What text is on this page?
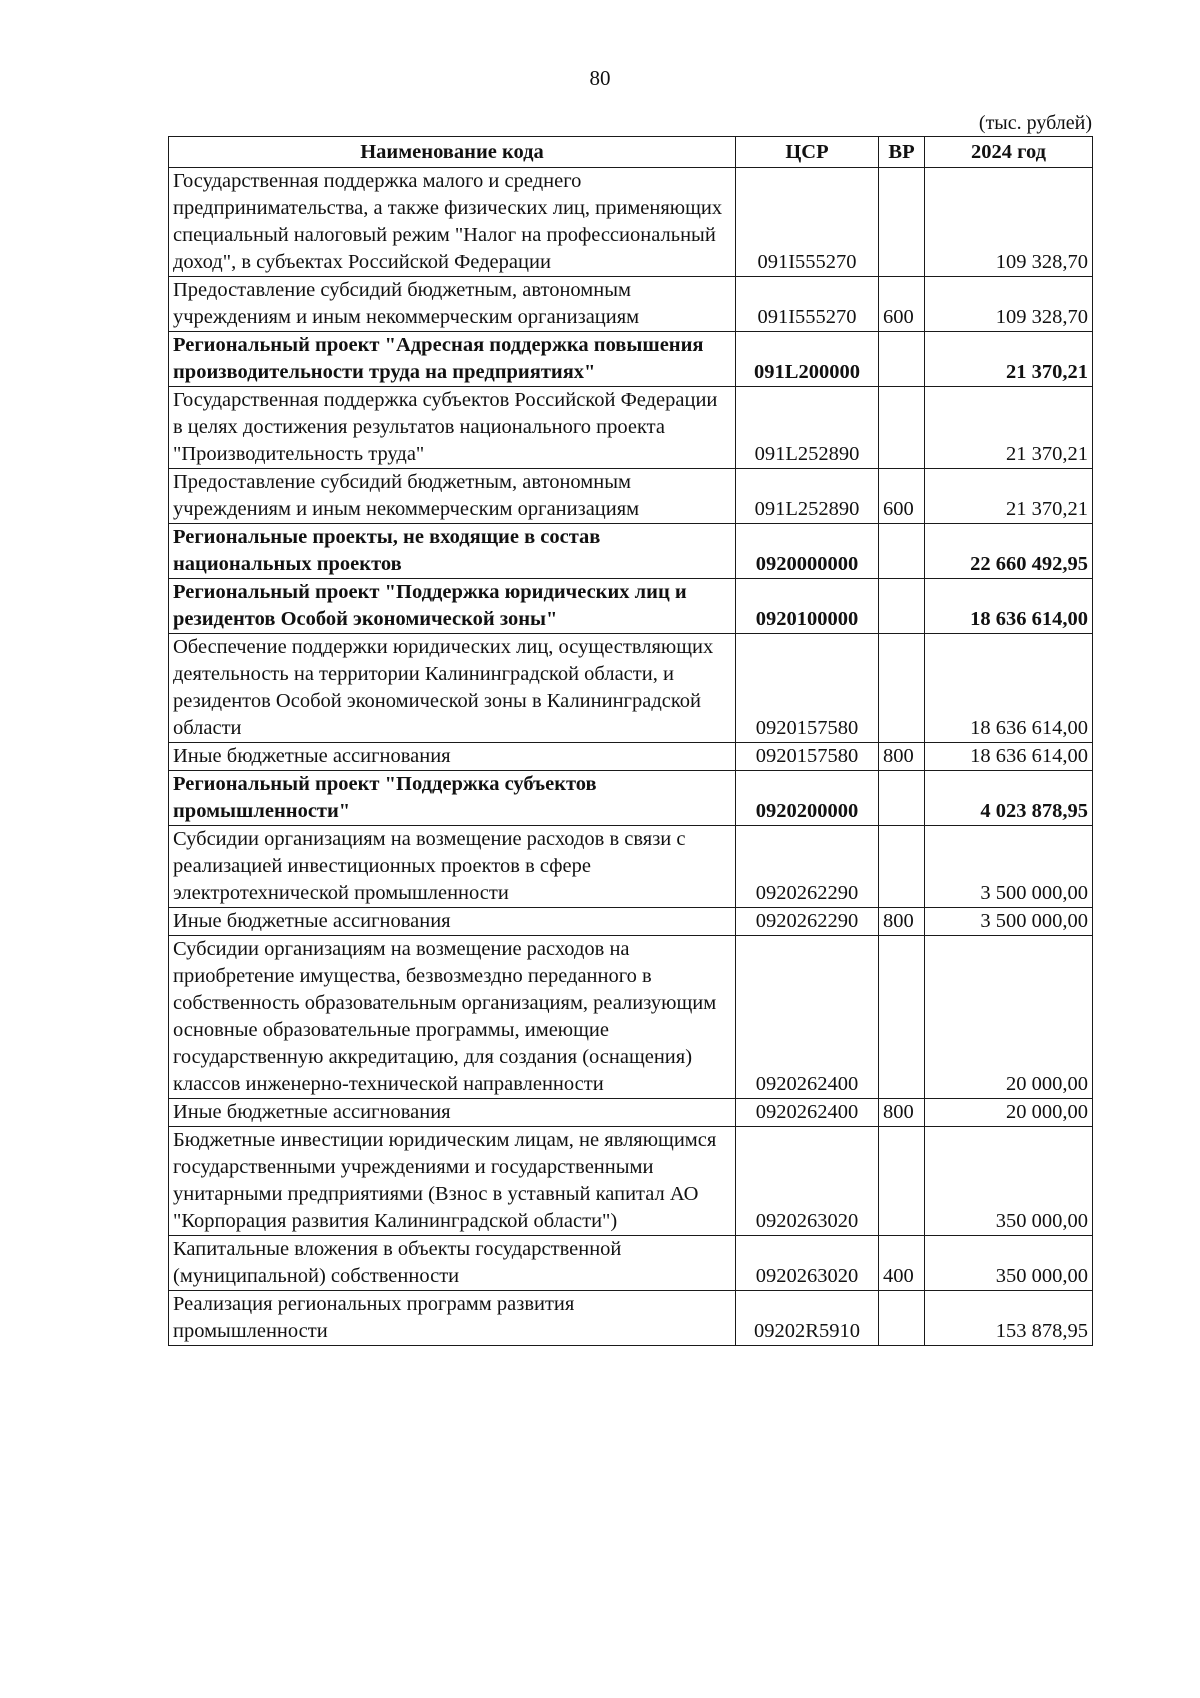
80
(тыс. рублей)
Наименование кода	ЦСР	ВР	2024 год
Государственная поддержка малого и среднего предпринимательства, а также физических лиц, применяющих специальный налоговый режим "Налог на профессиональный доход", в субъектах Российской Федерации	091I555270		109 328,70
Предоставление субсидий бюджетным, автономным учреждениям и иным некоммерческим организациям	091I555270	600	109 328,70
Региональный проект "Адресная поддержка повышения производительности труда на предприятиях"	091L200000		21 370,21
Государственная поддержка субъектов Российской Федерации в целях достижения результатов национального проекта "Производительность труда"	091L252890		21 370,21
Предоставление субсидий бюджетным, автономным учреждениям и иным некоммерческим организациям	091L252890	600	21 370,21
Региональные проекты, не входящие в состав национальных проектов	0920000000		22 660 492,95
Региональный проект "Поддержка юридических лиц и резидентов Особой экономической зоны"	0920100000		18 636 614,00
Обеспечение поддержки юридических лиц, осуществляющих деятельность на территории Калининградской области, и резидентов Особой экономической зоны в Калининградской области	0920157580		18 636 614,00
Иные бюджетные ассигнования	0920157580	800	18 636 614,00
Региональный проект "Поддержка субъектов промышленности"	0920200000		4 023 878,95
Субсидии организациям на возмещение расходов в связи с реализацией инвестиционных проектов в сфере электротехнической промышленности	0920262290		3 500 000,00
Иные бюджетные ассигнования	0920262290	800	3 500 000,00
Субсидии организациям на возмещение расходов на приобретение имущества, безвозмездно переданного в собственность образовательным организациям, реализующим основные образовательные программы, имеющие государственную аккредитацию, для создания (оснащения) классов инженерно-технической направленности	0920262400		20 000,00
Иные бюджетные ассигнования	0920262400	800	20 000,00
Бюджетные инвестиции юридическим лицам, не являющимся государственными учреждениями и государственными унитарными предприятиями (Взнос в уставный капитал АО "Корпорация развития Калининградской области")	0920263020		350 000,00
Капитальные вложения в объекты государственной (муниципальной) собственности	0920263020	400	350 000,00
Реализация региональных программ развития промышленности	09202R5910		153 878,95
